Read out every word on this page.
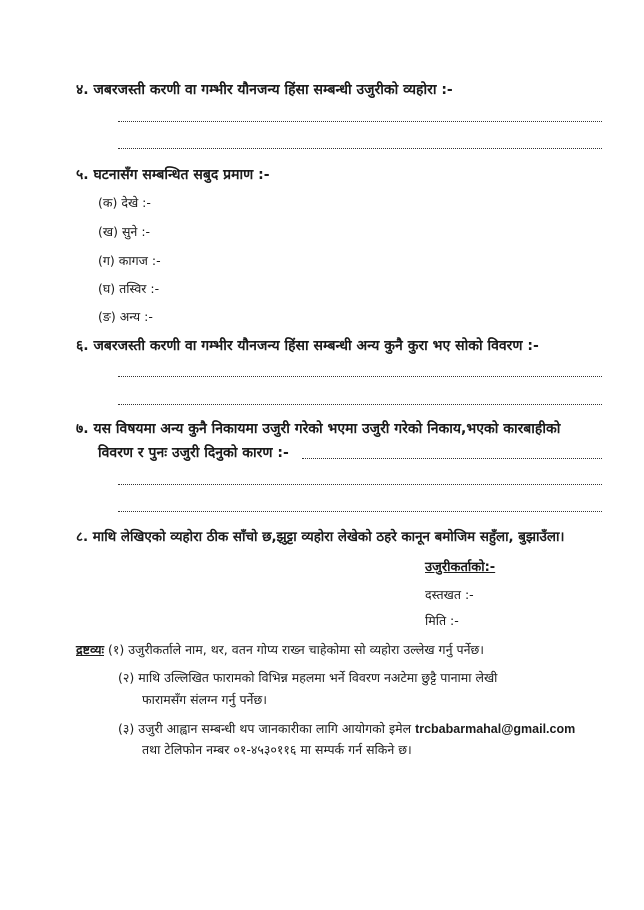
४. जबरजस्ती करणी वा गम्भीर यौनजन्य हिंसा सम्बन्धी उजुरीको व्यहोरा :-
५. घटनासँग सम्बन्धित सबुद प्रमाण :-
(क) देखे :-
(ख) सुने :-
(ग) कागज :-
(घ) तस्विर :-
(ङ) अन्य :-
६. जबरजस्ती करणी वा गम्भीर यौनजन्य हिंसा सम्बन्धी अन्य कुनै कुरा भए सोको विवरण :-
७. यस विषयमा अन्य कुनै निकायमा उजुरी गरेको भएमा उजुरी गरेको निकाय,भएको कारबाहीको
विवरण र पुनः उजुरी दिनुको कारण :-
८. माथि लेखिएको व्यहोरा ठीक साँचो छ,झुट्टा व्यहोरा लेखेको ठहरे कानून बमोजिम सहुँला, बुझाउँला।
उजुरीकर्ताको:-
दस्तखत :-
मिति :-
द्रष्टव्यः (१) उजुरीकर्ताले नाम, थर, वतन गोप्य राख्न चाहेकोमा सो व्यहोरा उल्लेख गर्नु पर्नेछ।
(२) माथि उल्लिखित फारामको विभिन्न महलमा भर्ने विवरण नअटेमा छुट्टै पानामा लेखी
फारामसँग संलग्न गर्नु पर्नेछ।
(३) उजुरी आह्वान सम्बन्धी थप जानकारीका लागि आयोगको इमेल trcbabarmahal@gmail.com
तथा टेलिफोन नम्बर ०१-४५३०११६ मा सम्पर्क गर्न सकिने छ।
